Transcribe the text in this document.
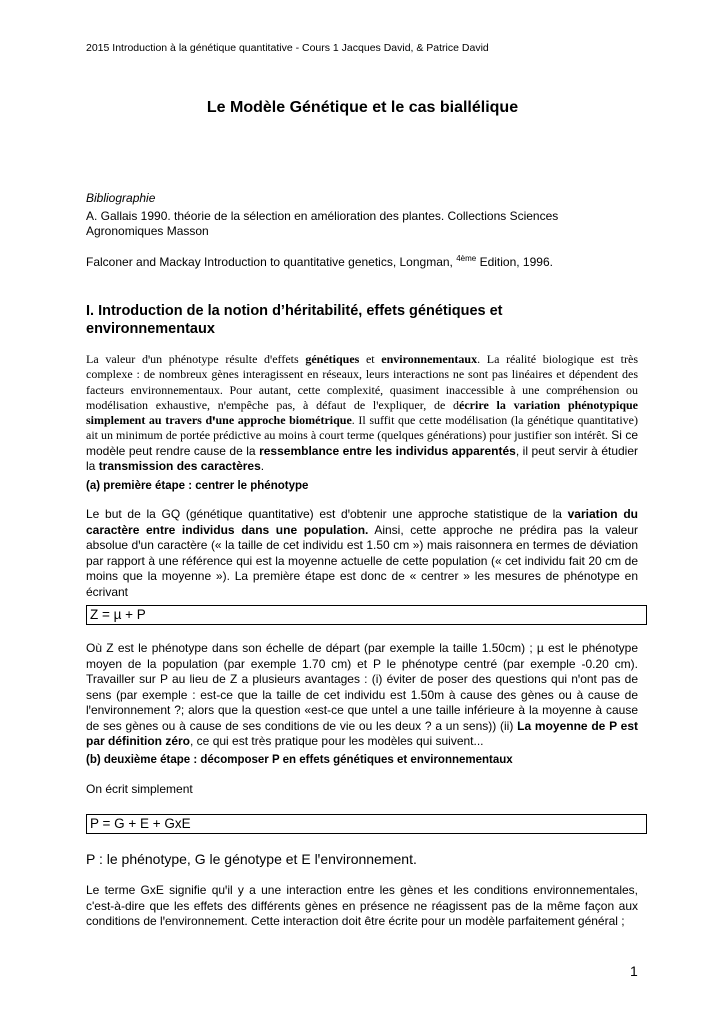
2015 Introduction à la génétique quantitative - Cours 1 Jacques David, & Patrice David
Le Modèle Génétique et le cas biallélique
Bibliographie
A. Gallais 1990. théorie de la sélection en amélioration des plantes. Collections Sciences
Agronomiques Masson
Falconer and Mackay Introduction to quantitative genetics, Longman, $^{4ème}$ Edition, 1996.
I. Introduction de la notion d’héritabilité, effets génétiques et
environnementaux
La valeur dꞌun phénotype résulte dꞌeffets génétiques et environnementaux. La réalité biologique est très complexe : de nombreux gènes interagissent en réseaux, leurs interactions ne sont pas linéaires et dépendent des facteurs environnementaux. Pour autant, cette complexité, quasiment inaccessible à une compréhension ou modélisation exhaustive, nꞌempêche pas, à défaut de lꞌexpliquer, de décrire la variation phénotypique simplement au travers dꞌune approche biométrique. Il suffit que cette modélisation (la génétique quantitative) ait un minimum de portée prédictive au moins à court terme (quelques générations) pour justifier son intérêt. Si ce modèle peut rendre cause de la ressemblance entre les individus apparentés, il peut servir à étudier la transmission des caractères.
(a) première étape : centrer le phénotype
Le but de la GQ (génétique quantitative) est dꞌobtenir une approche statistique de la variation du caractère entre individus dans une population. Ainsi, cette approche ne prédira pas la valeur absolue dꞌun caractère (« la taille de cet individu est 1.50 cm ») mais raisonnera en termes de déviation par rapport à une référence qui est la moyenne actuelle de cette population (« cet individu fait 20 cm de moins que la moyenne »). La première étape est donc de « centrer » les mesures de phénotype en écrivant
Z = µ + P
Où Z est le phénotype dans son échelle de départ (par exemple la taille 1.50cm) ; µ est le phénotype moyen de la population (par exemple 1.70 cm) et P le phénotype centré (par exemple -0.20 cm). Travailler sur P au lieu de Z a plusieurs avantages : (i) éviter de poser des questions qui nꞌont pas de sens (par exemple : est-ce que la taille de cet individu est 1.50m à cause des gènes ou à cause de lꞌenvironnement ?; alors que la question «est-ce que untel a une taille inférieure à la moyenne à cause de ses gènes ou à cause de ses conditions de vie ou les deux ? a un sens)) (ii) La moyenne de P est par définition zéro, ce qui est très pratique pour les modèles qui suivent...
(b) deuxième étape : décomposer P en effets génétiques et environnementaux
On écrit simplement
P = G + E + GxE
P : le phénotype, G le génotype et E lꞌenvironnement.
Le terme GxE signifie quꞌil y a une interaction entre les gènes et les conditions environnementales, c'est-à-dire que les effets des différents gènes en présence ne réagissent pas de la même façon aux conditions de lꞌenvironnement. Cette interaction doit être écrite pour un modèle parfaitement général ;
1
